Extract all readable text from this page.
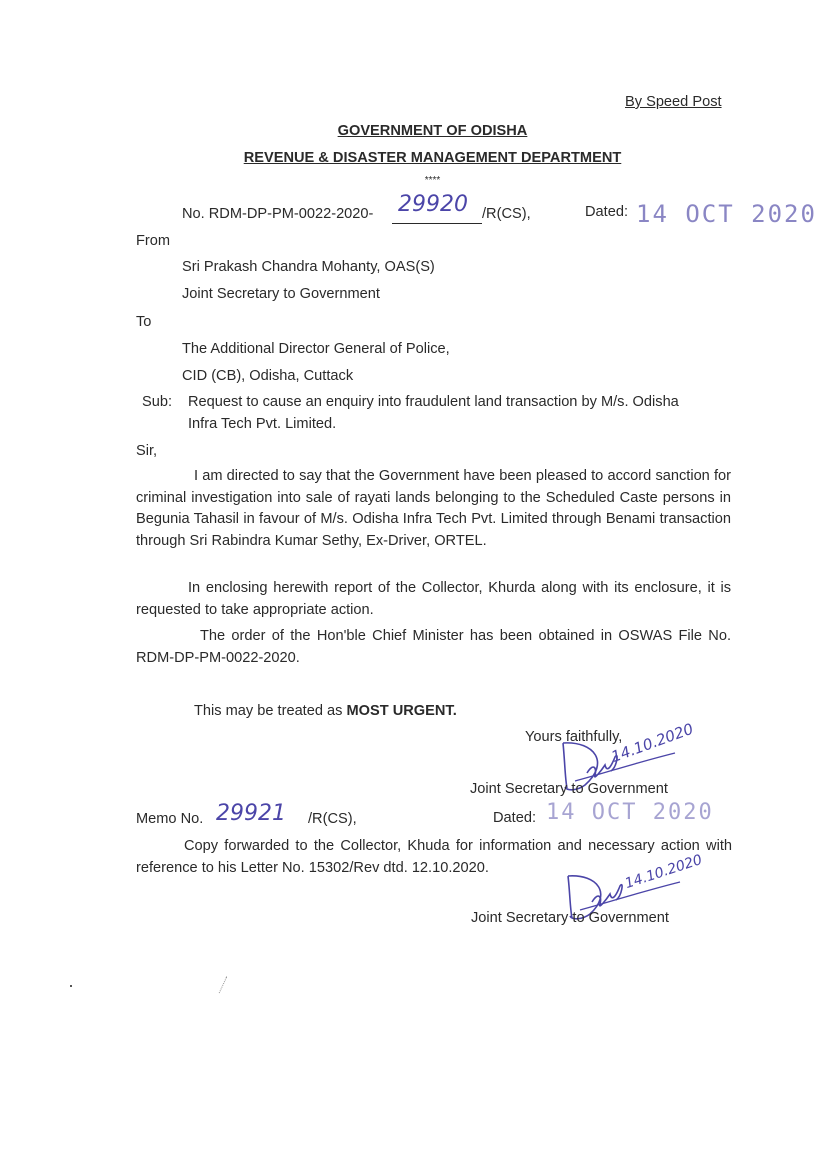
By Speed Post
GOVERNMENT OF ODISHA
REVENUE & DISASTER MANAGEMENT DEPARTMENT
****
No. RDM-DP-PM-0022-2020- 29920 /R(CS),	Dated: 14 OCT 2020
From
Sri Prakash Chandra Mohanty, OAS(S)
Joint Secretary to Government
To
The Additional Director General of Police,
CID (CB), Odisha, Cuttack
Sub: Request to cause an enquiry into fraudulent land transaction by M/s. Odisha
Infra Tech Pvt. Limited.
Sir,
I am directed to say that the Government have been pleased to accord sanction for criminal investigation into sale of rayati lands belonging to the Scheduled Caste persons in Begunia Tahasil in favour of M/s. Odisha Infra Tech Pvt. Limited through Benami transaction through Sri Rabindra Kumar Sethy, Ex-Driver, ORTEL.
In enclosing herewith report of the Collector, Khurda along with its enclosure, it is requested to take appropriate action.
The order of the Hon'ble Chief Minister has been obtained in OSWAS File No. RDM-DP-PM-0022-2020.
This may be treated as MOST URGENT.
Yours faithfully,
14.10.2020
Joint Secretary to Government
Memo No. 29921 /R(CS),	Dated: 14 OCT 2020
Copy forwarded to the Collector, Khuda for information and necessary action with reference to his Letter No. 15302/Rev dtd. 12.10.2020.	14.10.2020
Joint Secretary to Government
